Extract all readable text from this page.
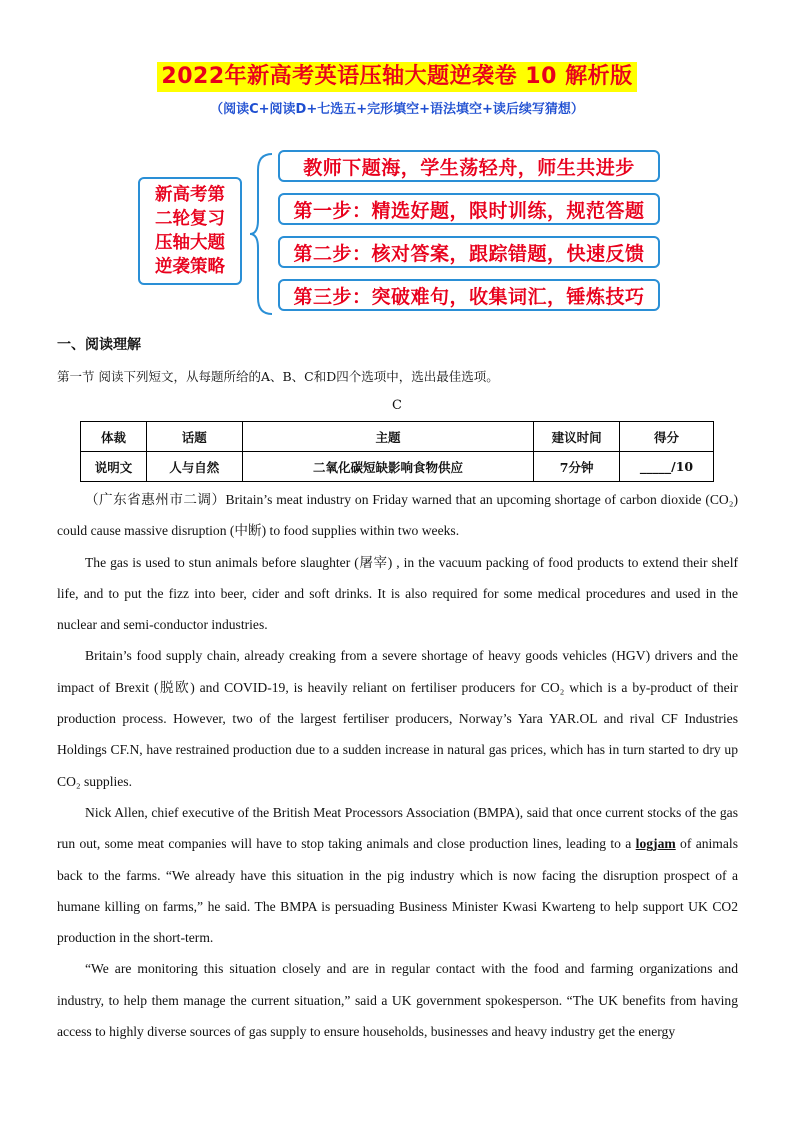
2022年新高考英语压轴大题逆袭卷 10 解析版
（阅读C+阅读D+七选五+完形填空+语法填空+读后续写猜想）
新高考第
二轮复习
压轴大题
逆袭策略
教师下题海，学生荡轻舟，师生共进步
第一步：精选好题，限时训练，规范答题
第二步：核对答案，跟踪错题，快速反馈
第三步：突破难句，收集词汇，锤炼技巧
一、阅读理解
第一节 阅读下列短文，从每题所给的A、B、C和D四个选项中，选出最佳选项。
C
体裁	话题	主题	建议时间	得分
说明文	人与自然	二氧化碳短缺影响食物供应	7分钟	_____/10

（广东省惠州市二调）Britain’s meat industry on Friday warned that an upcoming shortage of carbon dioxide (CO₂) could cause massive disruption (中断) to food supplies within two weeks.

The gas is used to stun animals before slaughter (屠宰) , in the vacuum packing of food products to extend their shelf life, and to put the fizz into beer, cider and soft drinks. It is also required for some medical procedures and used in the nuclear and semi-conductor industries.

Britain’s food supply chain, already creaking from a severe shortage of heavy goods vehicles (HGV) drivers and the impact of Brexit (脱欧) and COVID-19, is heavily reliant on fertiliser producers for CO₂ which is a by-product of their production process. However, two of the largest fertiliser producers, Norway’s Yara YAR.OL and rival CF Industries Holdings CF.N, have restrained production due to a sudden increase in natural gas prices, which has in turn started to dry up CO₂ supplies.

Nick Allen, chief executive of the British Meat Processors Association (BMPA), said that once current stocks of the gas run out, some meat companies will have to stop taking animals and close production lines, leading to a logjam of animals back to the farms. “We already have this situation in the pig industry which is now facing the disruption prospect of a humane killing on farms,” he said. The BMPA is persuading Business Minister Kwasi Kwarteng to help support UK CO2 production in the short-term.

“We are monitoring this situation closely and are in regular contact with the food and farming organizations and industry, to help them manage the current situation,” said a UK government spokesperson. “The UK benefits from having access to highly diverse sources of gas supply to ensure households, businesses and heavy industry get the energy
